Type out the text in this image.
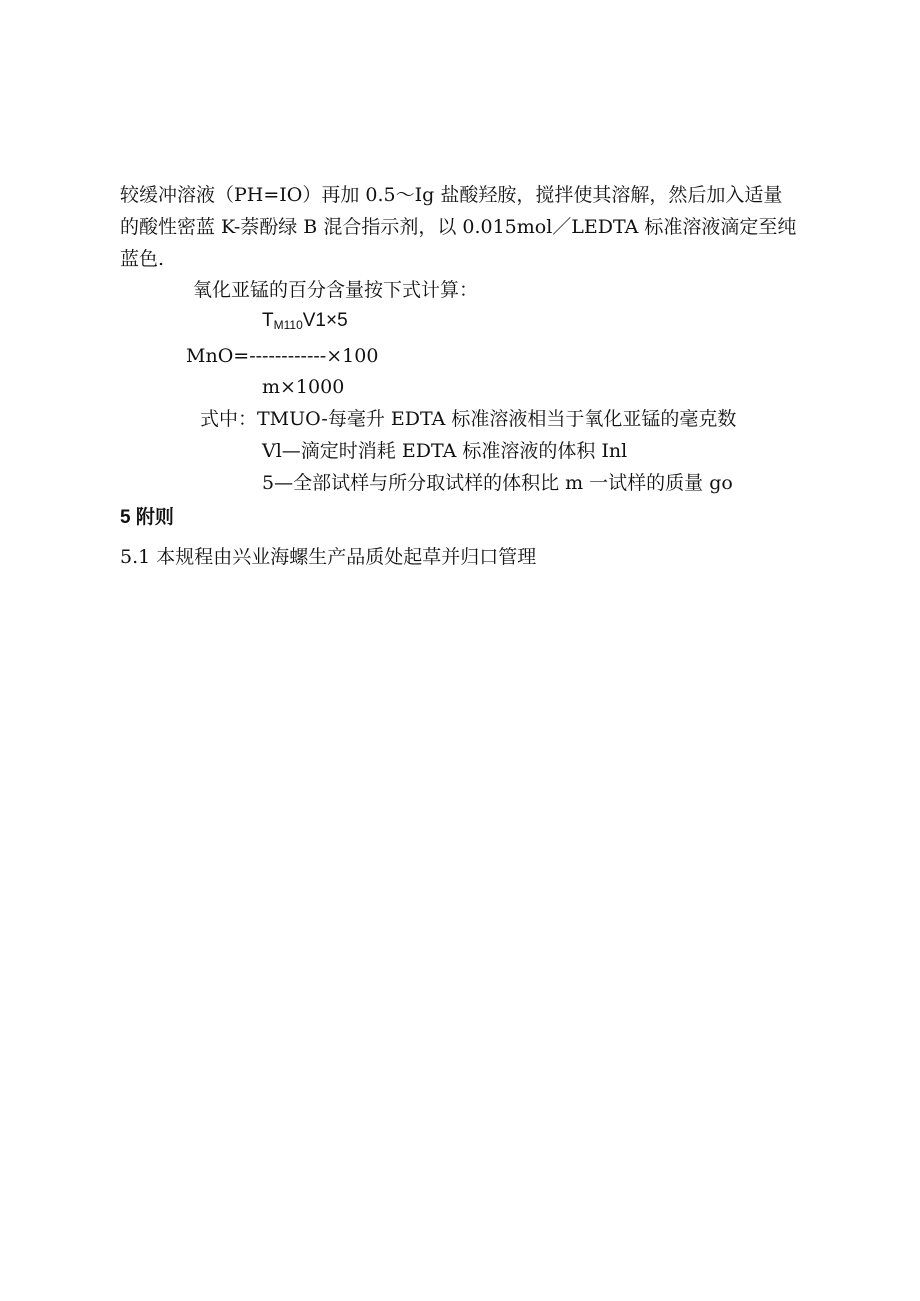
较缓冲溶液（PH=IO）再加 0.5～Ig 盐酸羟胺，搅拌使其溶解，然后加入适量
的酸性密蓝 K-萘酚绿 B 混合指示剂，以 0.015mol／LEDTA 标准溶液滴定至纯
蓝色.
氧化亚锰的百分含量按下式计算：
$T_{M110}V1\times 5$
MnO=------------×100
m×1000
式中：TMUO-每毫升 EDTA 标准溶液相当于氧化亚锰的毫克数
Vl—滴定时消耗 EDTA 标准溶液的体积 Inl
5—全部试样与所分取试样的体积比 m 一试样的质量 go
5 附则
5.1 本规程由兴业海螺生产品质处起草并归口管理
